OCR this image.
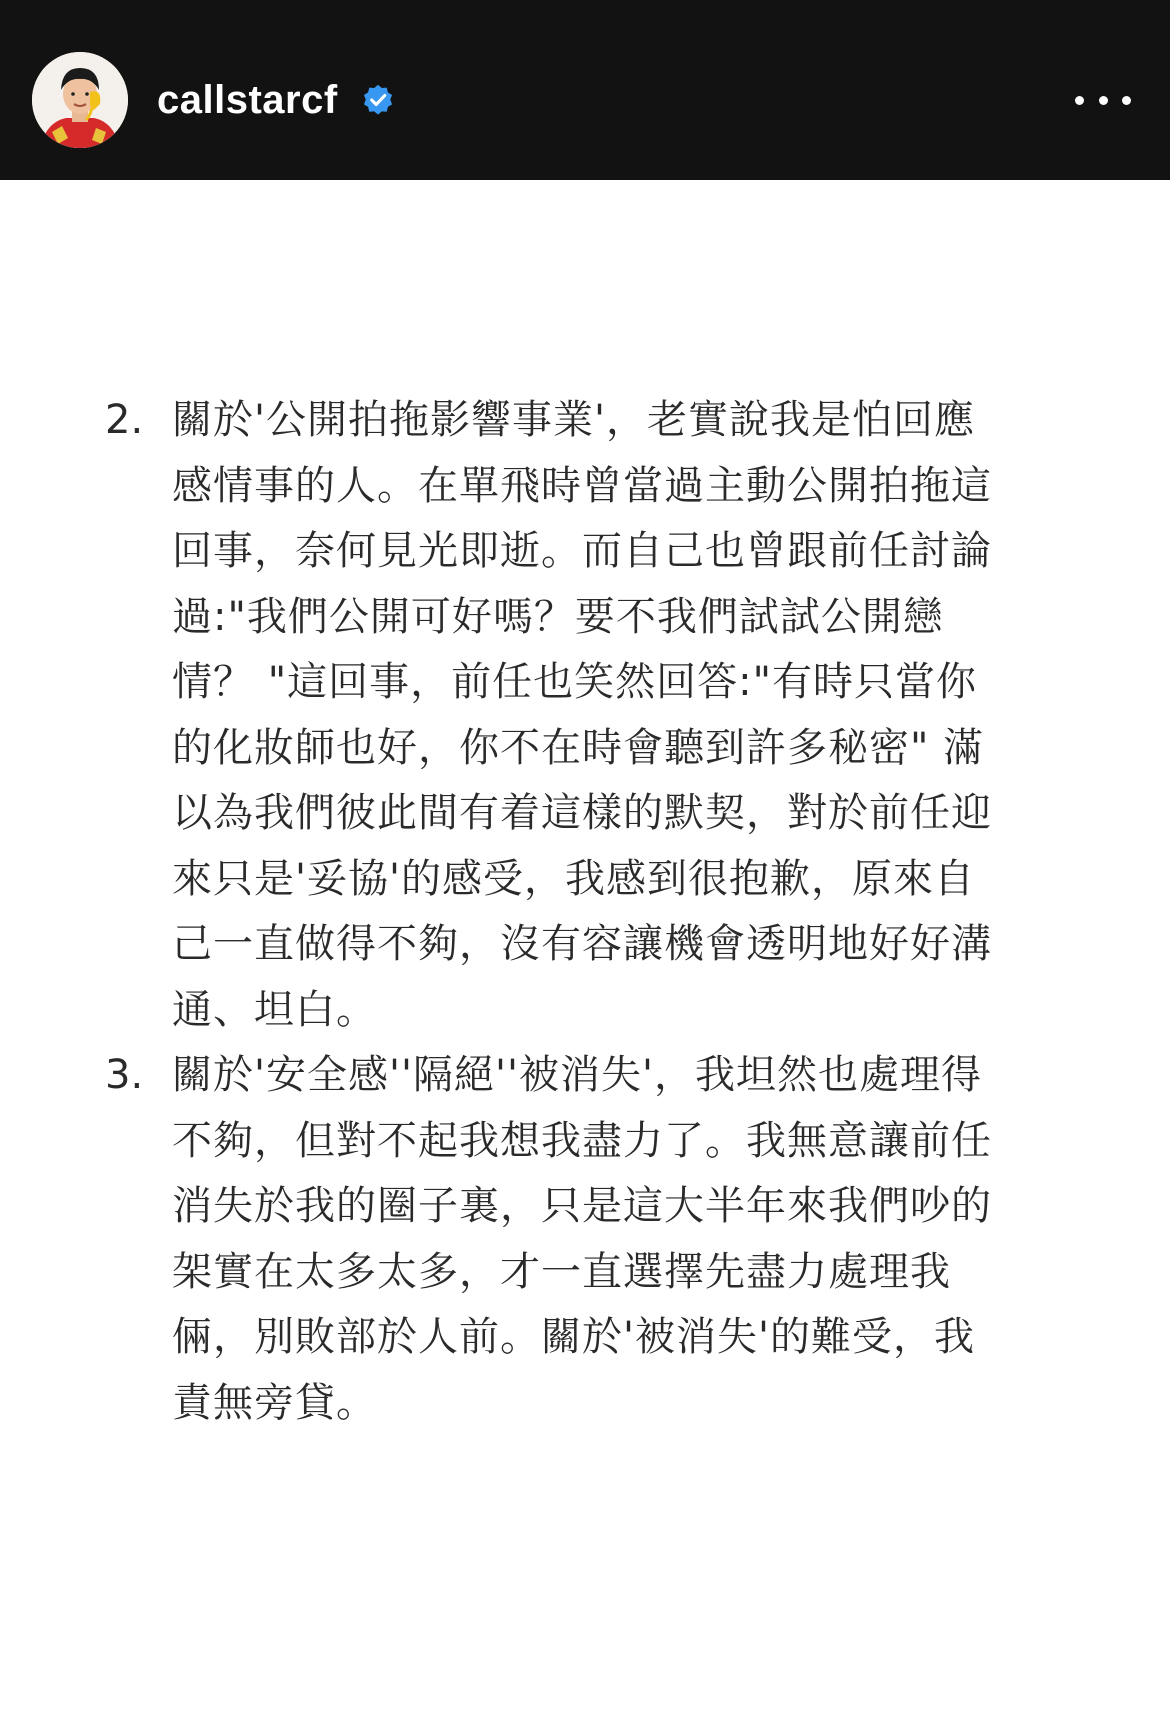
callstarcf
2. 關於'公開拍拖影響事業'，老實說我是怕回應
感情事的人。在單飛時曾當過主動公開拍拖這
回事，奈何見光即逝。而自己也曾跟前任討論
過:"我們公開可好嗎？要不我們試試公開戀
情？ "這回事，前任也笑然回答:"有時只當你
的化妝師也好，你不在時會聽到許多秘密" 滿
以為我們彼此間有着這樣的默契，對於前任迎
來只是'妥協'的感受，我感到很抱歉，原來自
己一直做得不夠，沒有容讓機會透明地好好溝
通、坦白。
3. 關於'安全感''隔絕''被消失'，我坦然也處理得
不夠，但對不起我想我盡力了。我無意讓前任
消失於我的圈子裏，只是這大半年來我們吵的
架實在太多太多，才一直選擇先盡力處理我
倆，別敗部於人前。關於'被消失'的難受，我
責無旁貸。
